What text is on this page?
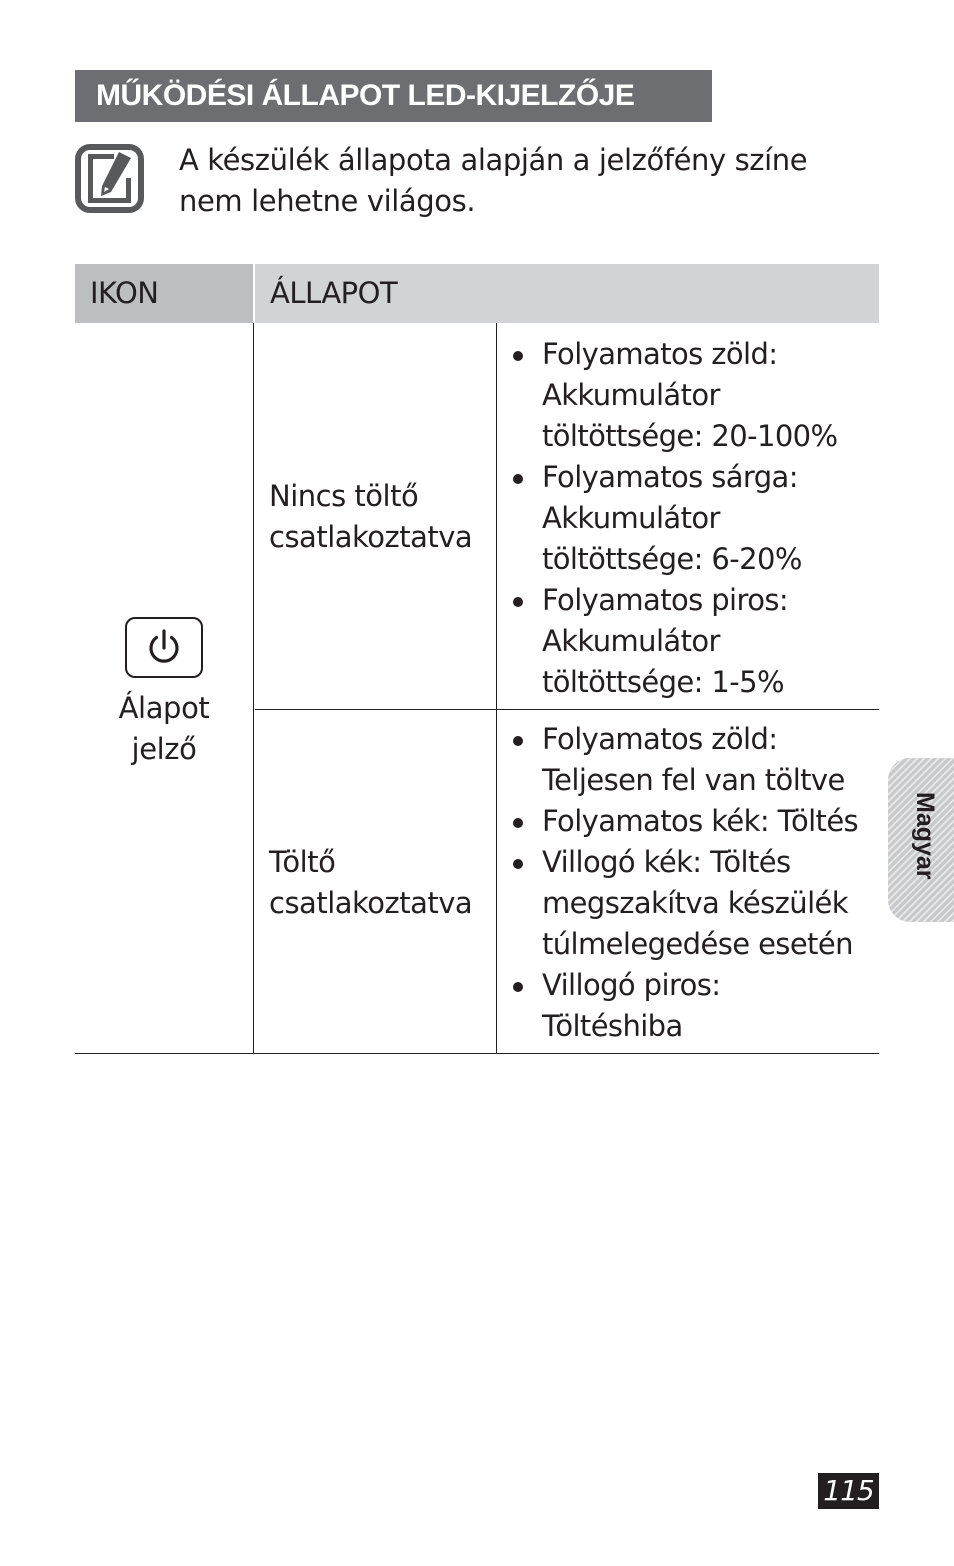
MŰKÖDÉSI ÁLLAPOT LED-KIJELZŐJE
A készülék állapota alapján a jelzőfény színe
nem lehetne világos.
IKON	ÁLLAPOT
Álapot
jelző
Nincs töltő
csatlakoztatva
Folyamatos zöld:
Akkumulátor
töltöttsége: 20-100%
Folyamatos sárga:
Akkumulátor
töltöttsége: 6-20%
Folyamatos piros:
Akkumulátor
töltöttsége: 1-5%
Töltő
csatlakoztatva
Folyamatos zöld:
Teljesen fel van töltve
Folyamatos kék: Töltés
Villogó kék: Töltés
megszakítva készülék
túlmelegedése esetén
Villogó piros:
Töltéshiba
Magyar
115
